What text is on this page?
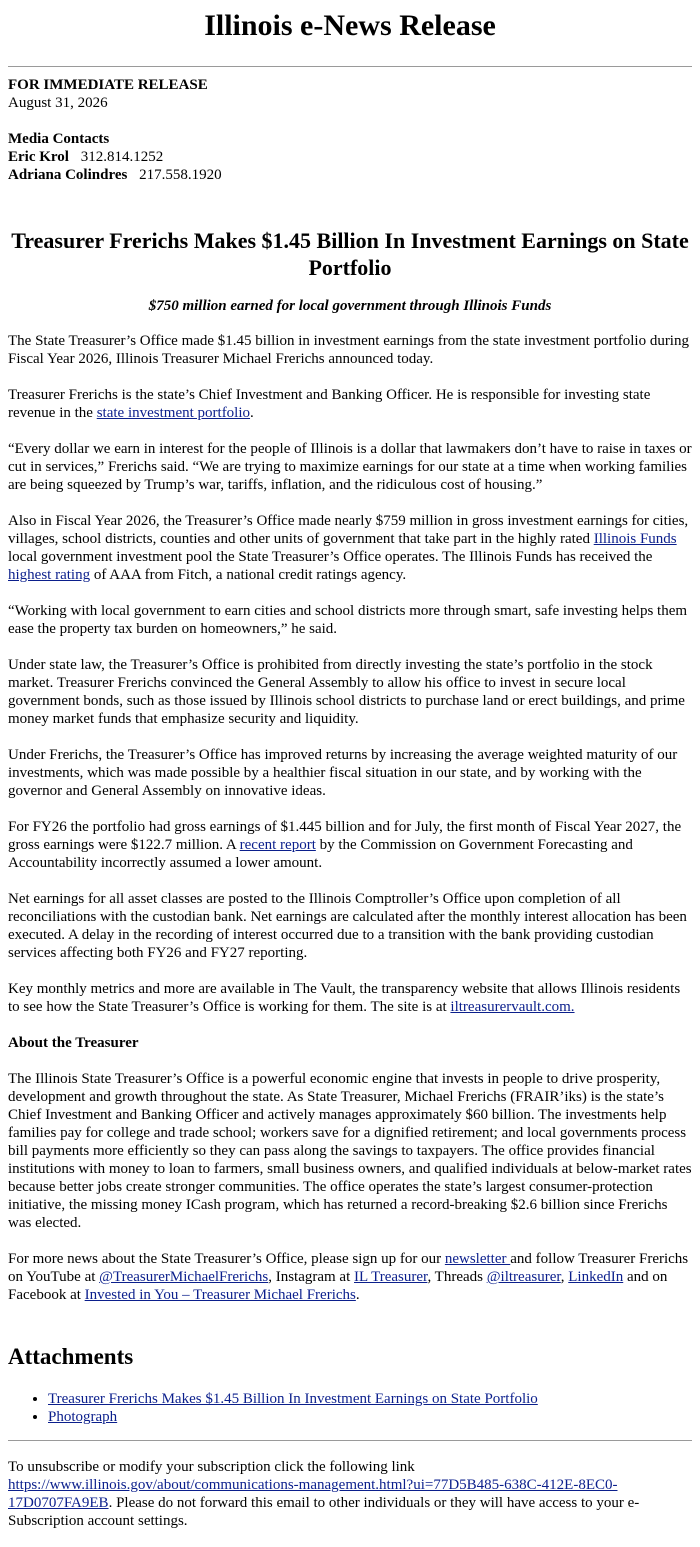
Illinois e-News Release
FOR IMMEDIATE RELEASE
August 31, 2026
Media Contacts
Eric Krol 312.814.1252
Adriana Colindres 217.558.1920
Treasurer Frerichs Makes $1.45 Billion In Investment Earnings on State Portfolio
$750 million earned for local government through Illinois Funds

The State Treasurer’s Office made $1.45 billion in investment earnings from the state investment portfolio during Fiscal Year 2026, Illinois Treasurer Michael Frerichs announced today.

Treasurer Frerichs is the state’s Chief Investment and Banking Officer. He is responsible for investing state revenue in the state investment portfolio.

“Every dollar we earn in interest for the people of Illinois is a dollar that lawmakers don’t have to raise in taxes or cut in services,” Frerichs said. “We are trying to maximize earnings for our state at a time when working families are being squeezed by Trump’s war, tariffs, inflation, and the ridiculous cost of housing.”

Also in Fiscal Year 2026, the Treasurer’s Office made nearly $759 million in gross investment earnings for cities, villages, school districts, counties and other units of government that take part in the highly rated Illinois Funds local government investment pool the State Treasurer’s Office operates. The Illinois Funds has received the highest rating of AAA from Fitch, a national credit ratings agency.

“Working with local government to earn cities and school districts more through smart, safe investing helps them ease the property tax burden on homeowners,” he said.

Under state law, the Treasurer’s Office is prohibited from directly investing the state’s portfolio in the stock market. Treasurer Frerichs convinced the General Assembly to allow his office to invest in secure local government bonds, such as those issued by Illinois school districts to purchase land or erect buildings, and prime money market funds that emphasize security and liquidity.

Under Frerichs, the Treasurer’s Office has improved returns by increasing the average weighted maturity of our investments, which was made possible by a healthier fiscal situation in our state, and by working with the governor and General Assembly on innovative ideas.

For FY26 the portfolio had gross earnings of $1.445 billion and for July, the first month of Fiscal Year 2027, the gross earnings were $122.7 million. A recent report by the Commission on Government Forecasting and Accountability incorrectly assumed a lower amount.

Net earnings for all asset classes are posted to the Illinois Comptroller’s Office upon completion of all reconciliations with the custodian bank. Net earnings are calculated after the monthly interest allocation has been executed. A delay in the recording of interest occurred due to a transition with the bank providing custodian services affecting both FY26 and FY27 reporting.

Key monthly metrics and more are available in The Vault, the transparency website that allows Illinois residents to see how the State Treasurer’s Office is working for them. The site is at iltreasurervault.com.

About the Treasurer

The Illinois State Treasurer’s Office is a powerful economic engine that invests in people to drive prosperity, development and growth throughout the state. As State Treasurer, Michael Frerichs (FRAIR’iks) is the state’s Chief Investment and Banking Officer and actively manages approximately $60 billion. The investments help families pay for college and trade school; workers save for a dignified retirement; and local governments process bill payments more efficiently so they can pass along the savings to taxpayers. The office provides financial institutions with money to loan to farmers, small business owners, and qualified individuals at below-market rates because better jobs create stronger communities. The office operates the state’s largest consumer-protection initiative, the missing money ICash program, which has returned a record-breaking $2.6 billion since Frerichs was elected.

For more news about the State Treasurer’s Office, please sign up for our newsletter and follow Treasurer Frerichs on YouTube at @TreasurerMichaelFrerichs, Instagram at IL Treasurer, Threads @iltreasurer, LinkedIn and on Facebook at Invested in You – Treasurer Michael Frerichs.

Attachments
• Treasurer Frerichs Makes $1.45 Billion In Investment Earnings on State Portfolio
• Photograph

To unsubscribe or modify your subscription click the following link https://www.illinois.gov/about/communications-management.html?ui=77D5B485-638C-412E-8EC0-17D0707FA9EB. Please do not forward this email to other individuals or they will have access to your e-Subscription account settings.
